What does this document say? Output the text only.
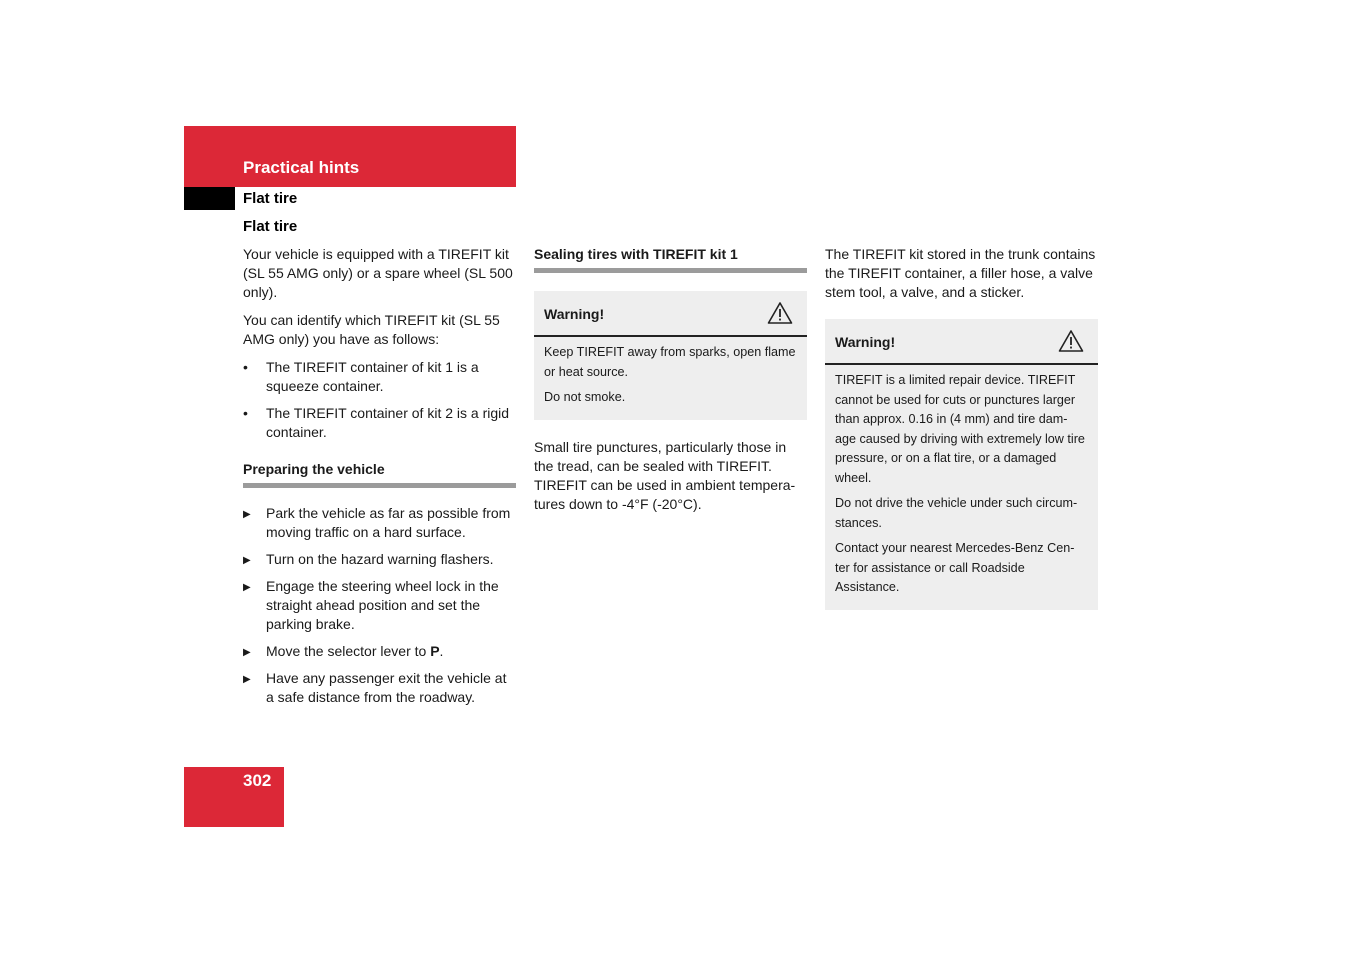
Practical hints
Flat tire
Flat tire

Your vehicle is equipped with a TIREFIT kit (SL 55 AMG only) or a spare wheel (SL 500 only).

You can identify which TIREFIT kit (SL 55 AMG only) you have as follows:

•	The TIREFIT container of kit 1 is a squeeze container.
•	The TIREFIT container of kit 2 is a rigid container.
Preparing the vehicle
▶	Park the vehicle as far as possible from moving traffic on a hard surface.
▶	Turn on the hazard warning flashers.
▶	Engage the steering wheel lock in the straight ahead position and set the parking brake.
▶	Move the selector lever to P.
▶	Have any passenger exit the vehicle at a safe distance from the roadway.
Sealing tires with TIREFIT kit 1
Warning!

Keep TIREFIT away from sparks, open flame or heat source.

Do not smoke.

Small tire punctures, particularly those in the tread, can be sealed with TIREFIT. TIREFIT can be used in ambient tempera-tures down to -4°F (-20°C).

The TIREFIT kit stored in the trunk contains the TIREFIT container, a filler hose, a valve stem tool, a valve, and a sticker.

Warning!

TIREFIT is a limited repair device. TIREFIT cannot be used for cuts or punctures larger than approx. 0.16 in (4 mm) and tire dam-age caused by driving with extremely low tire pressure, or on a flat tire, or a damaged wheel.

Do not drive the vehicle under such circum-stances.

Contact your nearest Mercedes-Benz Cen-ter for assistance or call Roadside Assistance.

302
